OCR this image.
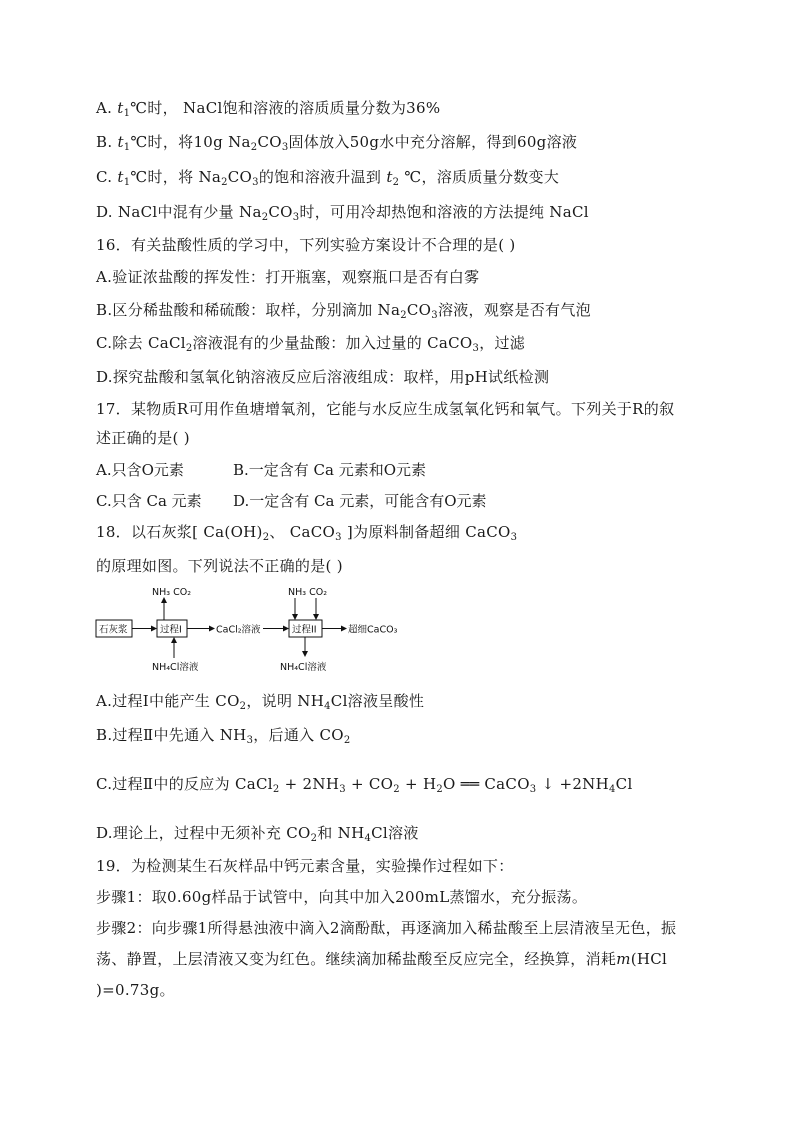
A. $t_1℃$时， NaCl饱和溶液的溶质质量分数为36%
B. $t_1℃$时，将10g $Na_2CO_3$固体放入50g水中充分溶解，得到60g溶液
C. $t_1℃$时，将 $Na_2CO_3$的饱和溶液升温到 $t_2$ ℃，溶质质量分数变大
D. NaCl中混有少量 $Na_2CO_3$时，可用冷却热饱和溶液的方法提纯 NaCl
16．有关盐酸性质的学习中，下列实验方案设计不合理的是( )
A.验证浓盐酸的挥发性：打开瓶塞，观察瓶口是否有白雾
B.区分稀盐酸和稀硫酸：取样，分别滴加 $Na_2CO_3$溶液，观察是否有气泡
C.除去 CaCl$_2$溶液混有的少量盐酸：加入过量的 CaCO$_3$，过滤
D.探究盐酸和氢氧化钠溶液反应后溶液组成：取样，用pH试纸检测
17．某物质R可用作鱼塘增氧剂，它能与水反应生成氢氧化钙和氧气。下列关于R的叙
述正确的是( )
A.只含O元素	B.一定含有 Ca 元素和O元素
C.只含 Ca 元素 D.一定含有 Ca 元素，可能含有O元素
18．以石灰浆[ $Ca(OH)_2$、 CaCO$_3$ ]为原料制备超细 CaCO$_3$
的原理如图。下列说法不正确的是( )
石灰浆	过程I
NH₃ CO₂
NH₄Cl溶液
CaCl₂溶液	过程II
NH₃ CO₂
NH₄Cl溶液
超细CaCO₃
A.过程Ⅰ中能产生 $CO_2$，说明 $NH_4Cl$溶液呈酸性
B.过程Ⅱ中先通入 $NH_3$，后通入 $CO_2$
C.过程Ⅱ中的反应为 CaCl$_2$ + $2NH_3 + CO_2 + H_2O$ ══ CaCO$_3$ ↓ $+2NH_4Cl$
D.理论上，过程中无须补充 $CO_2$和 $NH_4Cl$溶液
19．为检测某生石灰样品中钙元素含量，实验操作过程如下：
步骤1：取0.60g样品于试管中，向其中加入200mL蒸馏水，充分振荡。
步骤2：向步骤1所得悬浊液中滴入2滴酚酞，再逐滴加入稀盐酸至上层清液呈无色，振
荡、静置，上层清液又变为红色。继续滴加稀盐酸至反应完全，经换算，消耗m(HCl
)=0.73g。
